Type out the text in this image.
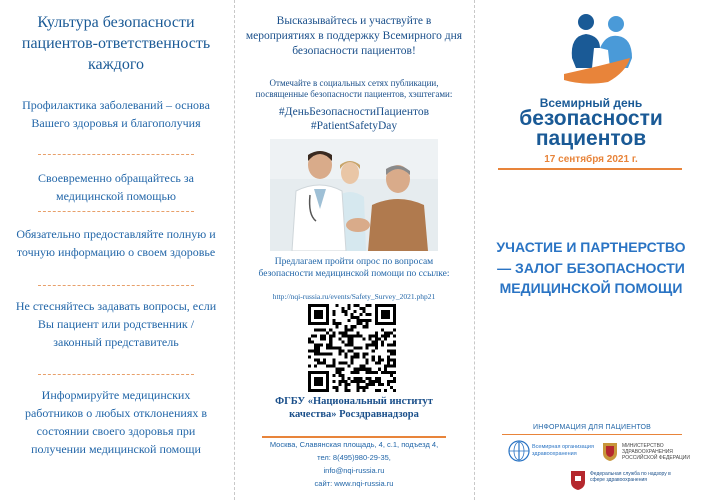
Культура безопасности пациентов-ответственность каждого
Профилактика заболеваний – основа Вашего здоровья и благополучия
Своевременно обращайтесь за медицинской помощью
Обязательно предоставляйте полную и точную информацию о своем здоровье
Не стесняйтесь задавать вопросы, если Вы пациент или родственник / законный представитель
Информируйте медицинских работников о любых отклонениях в состоянии своего здоровья при получении медицинской помощи
Высказывайтесь и участвуйте в мероприятиях в поддержку Всемирного дня безопасности пациентов!
Отмечайте в социальных сетях публикации, посвященные безопасности пациентов, хэштегами:
#ДеньБезопасностиПациентов
#PatientSafetyDay
Предлагаем пройти опрос по вопросам безопасности медицинской помощи по ссылке:
http://nqi-russia.ru/events/Safety_Survey_2021.php21
ФГБУ «Национальный институт качества» Росздравнадзора
Москва, Славянская площадь, 4, с.1, подъезд 4,
тел: 8(495)980-29-35,
info@nqi-russia.ru
сайт: www.nqi-russia.ru
Всемирный день
безопасности пациентов
17 сентября 2021 г.
УЧАСТИЕ И ПАРТНЕРСТВО — ЗАЛОГ БЕЗОПАСНОСТИ МЕДИЦИНСКОЙ ПОМОЩИ
ИНФОРМАЦИЯ ДЛЯ ПАЦИЕНТОВ
Всемирная организация здравоохранения
МИНИСТЕРСТВО ЗДРАВООХРАНЕНИЯ РОССИЙСКОЙ ФЕДЕРАЦИИ
Федеральная служба по надзору в сфере здравоохранения
